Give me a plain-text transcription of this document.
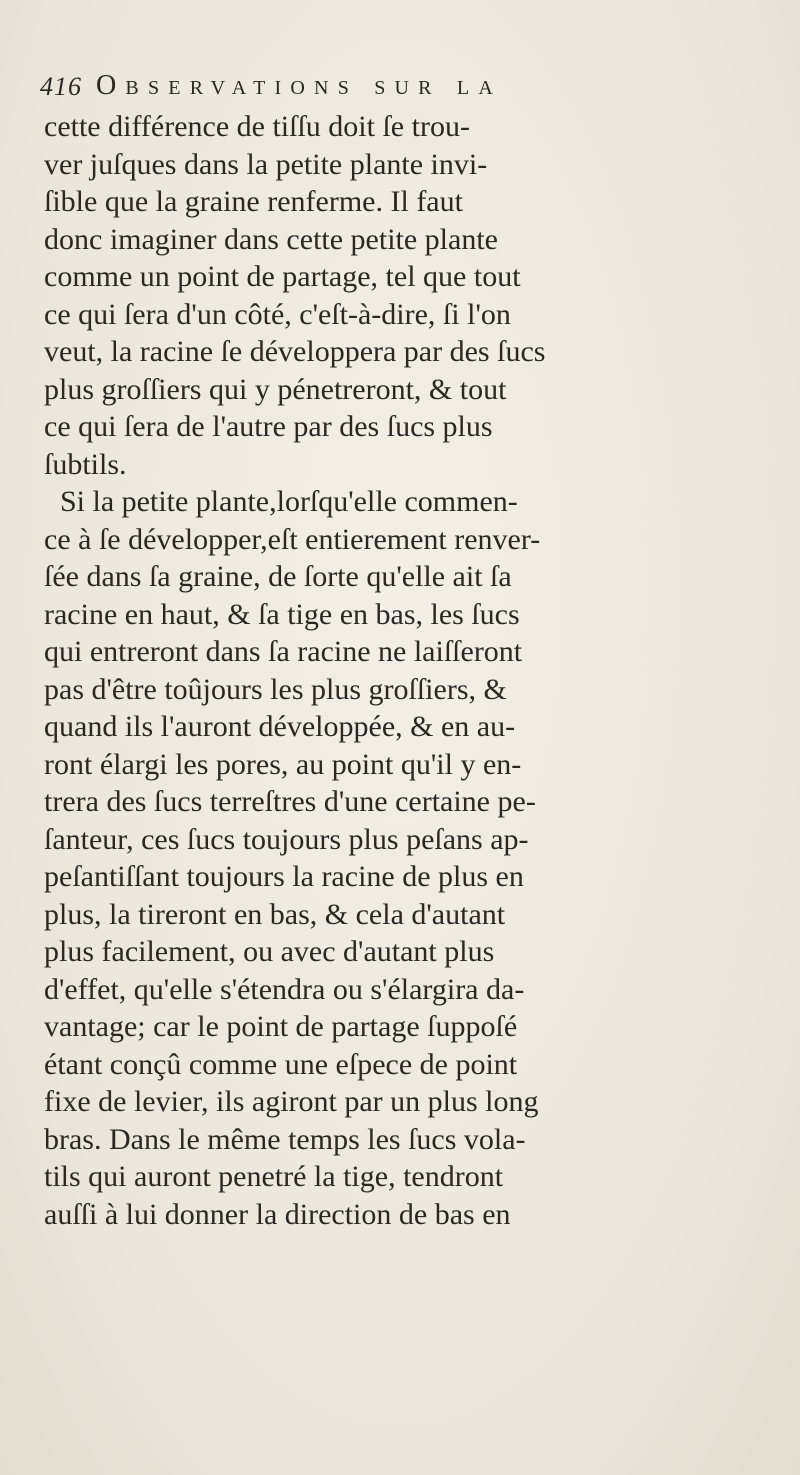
416 Observations sur la
cette différence de tiſſu doit ſe trou-
ver juſques dans la petite plante invi-
ſible que la graine renferme. Il faut
donc imaginer dans cette petite plante
comme un point de partage, tel que tout
ce qui ſera d'un côté, c'eſt-à-dire, ſi l'on
veut, la racine ſe développera par des ſucs
plus groſſiers qui y pénetreront, & tout
ce qui ſera de l'autre par des ſucs plus
ſubtils.
Si la petite plante,lorſqu'elle commen-
ce à ſe développer,eſt entierement renver-
ſée dans ſa graine, de ſorte qu'elle ait ſa
racine en haut, & ſa tige en bas, les ſucs
qui entreront dans ſa racine ne laiſſeront
pas d'être toûjours les plus groſſiers, &
quand ils l'auront développée, & en au-
ront élargi les pores, au point qu'il y en-
trera des ſucs terreſtres d'une certaine pe-
ſanteur, ces ſucs toujours plus peſans ap-
peſantiſſant toujours la racine de plus en
plus, la tireront en bas, & cela d'autant
plus facilement, ou avec d'autant plus
d'effet, qu'elle s'étendra ou s'élargira da-
vantage; car le point de partage ſuppoſé
étant conçû comme une eſpece de point
fixe de levier, ils agiront par un plus long
bras. Dans le même temps les ſucs vola-
tils qui auront penetré la tige, tendront
auſſi à lui donner la direction de bas en
